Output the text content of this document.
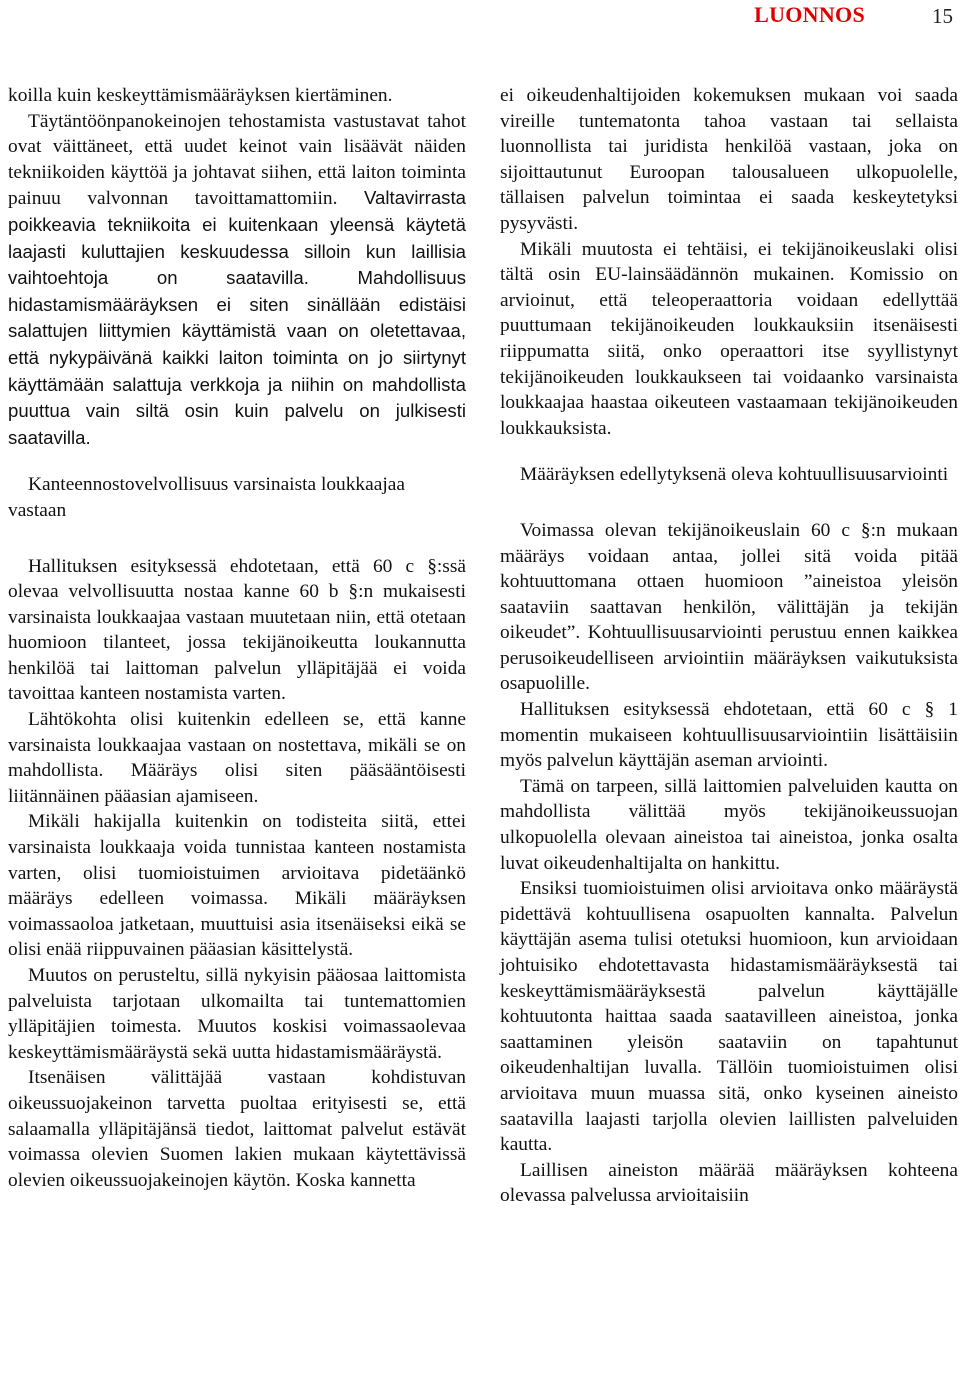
LUONNOS	15

koilla kuin keskeyttämismääräyksen kiertäminen.

Täytäntöönpanokeinojen tehostamista vastustavat tahot ovat väittäneet, että uudet keinot vain lisäävät näiden tekniikoiden käyttöä ja johtavat siihen, että laiton toiminta painuu valvonnan tavoittamattomiin. Valtavirrasta poikkeavia tekniikoita ei kuitenkaan yleensä käytetä laajasti kuluttajien keskuudessa silloin kun laillisia vaihtoehtoja on saatavilla. Mahdollisuus hidastamismääräyksen ei siten sinällään edistäisi salattujen liittymien käyttämistä vaan on oletettavaa, että nykypäivänä kaikki laiton toiminta on jo siirtynyt käyttämään salattuja verkkoja ja niihin on mahdollista puuttua vain siltä osin kuin palvelu on julkisesti saatavilla.

Kanteennostovelvollisuus varsinaista loukkaajaa vastaan

Hallituksen esityksessä ehdotetaan, että 60 c §:ssä olevaa velvollisuutta nostaa kanne 60 b §:n mukaisesti varsinaista loukkaajaa vastaan muutetaan niin, että otetaan huomioon tilanteet, jossa tekijänoikeutta loukannutta henkilöä tai laittoman palvelun ylläpitäjää ei voida tavoittaa kanteen nostamista varten.

Lähtökohta olisi kuitenkin edelleen se, että kanne varsinaista loukkaajaa vastaan on nostettava, mikäli se on mahdollista. Määräys olisi siten pääsääntöisesti liitännäinen pääasian ajamiseen.

Mikäli hakijalla kuitenkin on todisteita siitä, ettei varsinaista loukkaaja voida tunnistaa kanteen nostamista varten, olisi tuomioistuimen arvioitava pidetäänkö määräys edelleen voimassa. Mikäli määräyksen voimassaoloa jatketaan, muuttuisi asia itsenäiseksi eikä se olisi enää riippuvainen pääasian käsittelystä.

Muutos on perusteltu, sillä nykyisin pääosaa laittomista palveluista tarjotaan ulkomailta tai tuntemattomien ylläpitäjien toimesta. Muutos koskisi voimassaolevaa keskeyttämismääräystä sekä uutta hidastamismääräystä.

Itsenäisen välittäjää vastaan kohdistuvan oikeussuojakeinon tarvetta puoltaa erityisesti se, että salaamalla ylläpitäjänsä tiedot, laittomat palvelut estävät voimassa olevien Suomen lakien mukaan käytettävissä olevien oikeussuojakeinojen käytön. Koska kannetta

ei oikeudenhaltijoiden kokemuksen mukaan voi saada vireille tuntematonta tahoa vastaan tai sellaista luonnollista tai juridista henkilöä vastaan, joka on sijoittautunut Euroopan talousalueen ulkopuolelle, tällaisen palvelun toimintaa ei saada keskeytetyksi pysyvästi.

Mikäli muutosta ei tehtäisi, ei tekijänoikeuslaki olisi tältä osin EU-lainsäädännön mukainen. Komissio on arvioinut, että teleoperaattoria voidaan edellyttää puuttumaan tekijänoikeuden loukkauksiin itsenäisesti riippumatta siitä, onko operaattori itse syyllistynyt tekijänoikeuden loukkaukseen tai voidaanko varsinaista loukkaajaa haastaa oikeuteen vastaamaan tekijänoikeuden loukkauksista.

Määräyksen edellytyksenä oleva kohtuullisuusarviointi

Voimassa olevan tekijänoikeuslain 60 c §:n mukaan määräys voidaan antaa, jollei sitä voida pitää kohtuuttomana ottaen huomioon ”aineistoa yleisön saataviin saattavan henkilön, välittäjän ja tekijän oikeudet”. Kohtuullisuusarviointi perustuu ennen kaikkea perusoikeudelliseen arviointiin määräyksen vaikutuksista osapuolille.

Hallituksen esityksessä ehdotetaan, että 60 c § 1 momentin mukaiseen kohtuullisuusarviointiin lisättäisiin myös palvelun käyttäjän aseman arviointi.

Tämä on tarpeen, sillä laittomien palveluiden kautta on mahdollista välittää myös tekijänoikeussuojan ulkopuolella olevaan aineistoa tai aineistoa, jonka osalta luvat oikeudenhaltijalta on hankittu.

Ensiksi tuomioistuimen olisi arvioitava onko määräystä pidettävä kohtuullisena osapuolten kannalta. Palvelun käyttäjän asema tulisi otetuksi huomioon, kun arvioidaan johtuisiko ehdotettavasta hidastamismääräyksestä tai keskeyttämismääräyksestä palvelun käyttäjälle kohtuutonta haittaa saada saatavilleen aineistoa, jonka saattaminen yleisön saataviin on tapahtunut oikeudenhaltijan luvalla. Tällöin tuomioistuimen olisi arvioitava muun muassa sitä, onko kyseinen aineisto saatavilla laajasti tarjolla olevien laillisten palveluiden kautta.

Laillisen aineiston määrää määräyksen kohteena olevassa palvelussa arvioitaisiin
